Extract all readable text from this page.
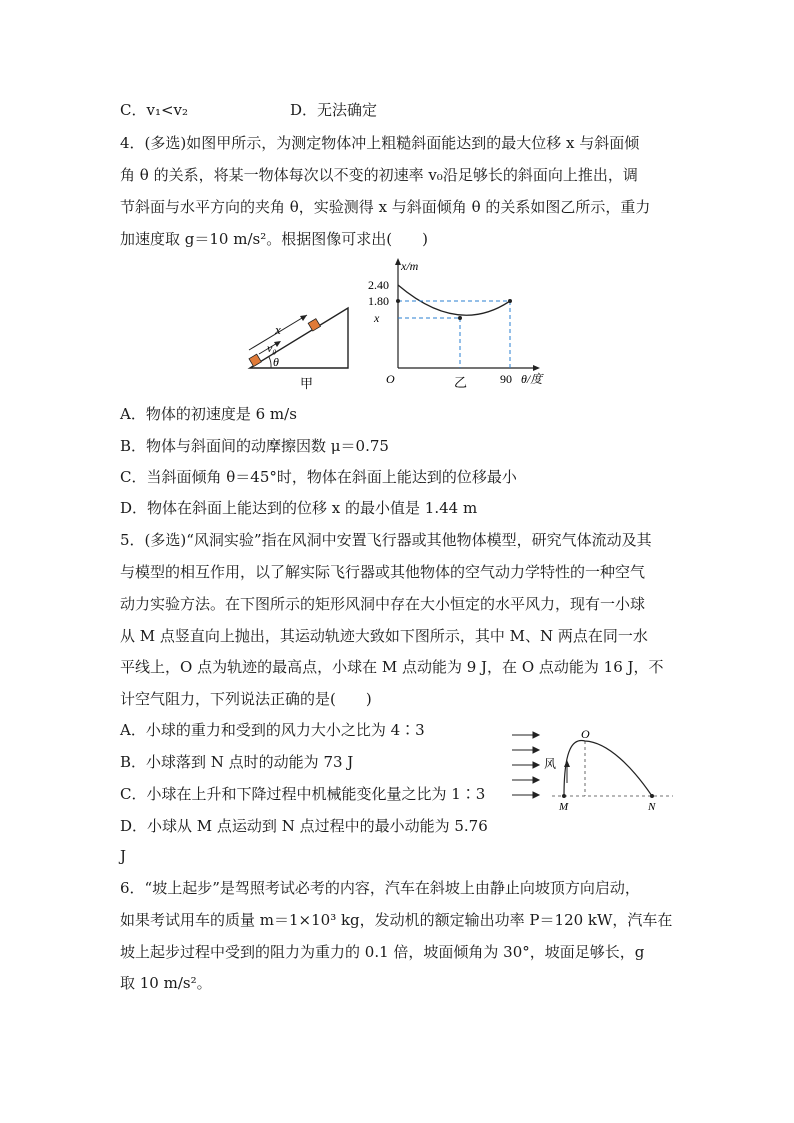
C．v₁<v₂	D．无法确定
4．(多选)如图甲所示，为测定物体冲上粗糙斜面能达到的最大位移 x 与斜面倾
角 θ 的关系，将某一物体每次以不变的初速率 v₀沿足够长的斜面向上推出，调
节斜面与水平方向的夹角 θ，实验测得 x 与斜面倾角 θ 的关系如图乙所示，重力
加速度取 g＝10 m/s²。根据图像可求出(　　)
x
v₀
θ
甲
x/m
2.40
1.80
x
O	乙	90 θ/度
A．物体的初速度是 6 m/s
B．物体与斜面间的动摩擦因数 μ＝0.75
C．当斜面倾角 θ＝45°时，物体在斜面上能达到的位移最小
D．物体在斜面上能达到的位移 x 的最小值是 1.44 m
5．(多选)“风洞实验”指在风洞中安置飞行器或其他物体模型，研究气体流动及其
与模型的相互作用，以了解实际飞行器或其他物体的空气动力学特性的一种空气
动力实验方法。在下图所示的矩形风洞中存在大小恒定的水平风力，现有一小球
从 M 点竖直向上抛出，其运动轨迹大致如下图所示，其中 M、N 两点在同一水
平线上，O 点为轨迹的最高点，小球在 M 点动能为 9 J，在 O 点动能为 16 J，不
计空气阻力，下列说法正确的是(　　)
A．小球的重力和受到的风力大小之比为 4∶3
B．小球落到 N 点时的动能为 73 J
C．小球在上升和下降过程中机械能变化量之比为 1∶3
D．小球从 M 点运动到 N 点过程中的最小动能为 5.76
J
O
风
M	N
6．“坡上起步”是驾照考试必考的内容，汽车在斜坡上由静止向坡顶方向启动，
如果考试用车的质量 m＝1×10³ kg，发动机的额定输出功率 P＝120 kW，汽车在
坡上起步过程中受到的阻力为重力的 0.1 倍，坡面倾角为 30°，坡面足够长，g
取 10 m/s²。
